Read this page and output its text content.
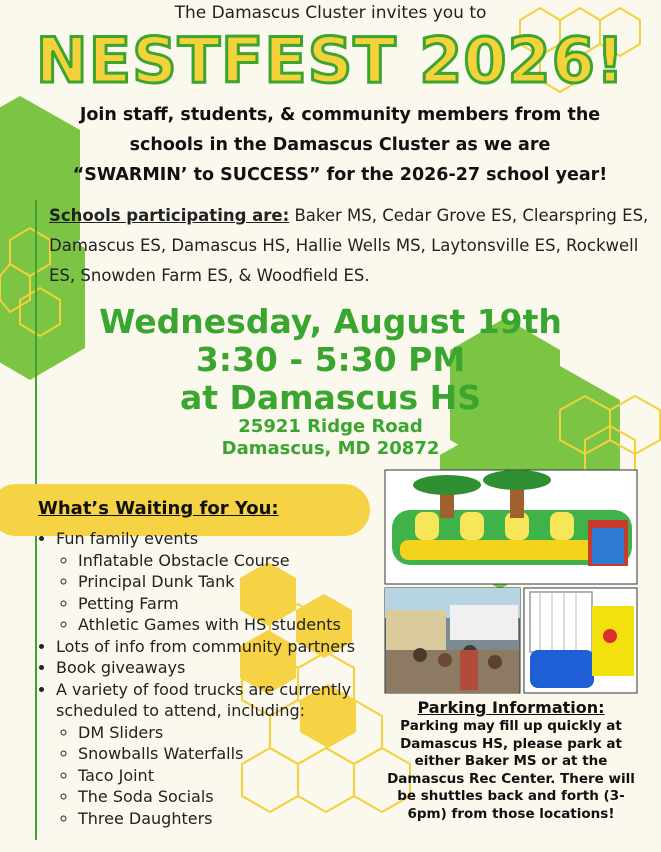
The Damascus Cluster invites you to
NESTFEST 2026!
Join staff, students, & community members from the
schools in the Damascus Cluster as we are
“SWARMIN’ to SUCCESS” for the 2026-27 school year!
Schools participating are: Baker MS, Cedar Grove ES, Clearspring ES, Damascus ES, Damascus HS, Hallie Wells MS, Laytonsville ES, Rockwell ES, Snowden Farm ES, & Woodfield ES.
Wednesday, August 19th
3:30 - 5:30 PM
at Damascus HS
25921 Ridge Road
Damascus, MD 20872
What’s Waiting for You:
• Fun family events
◦ Inflatable Obstacle Course
◦ Principal Dunk Tank
◦ Petting Farm
◦ Athletic Games with HS students
• Lots of info from community partners
• Book giveaways
• A variety of food trucks are currently scheduled to attend, including:
◦ DM Sliders
◦ Snowballs Waterfalls
◦ Taco Joint
◦ The Soda Socials
◦ Three Daughters
Parking Information:
Parking may fill up quickly at Damascus HS, please park at either Baker MS or at the Damascus Rec Center. There will be shuttles back and forth (3-6pm) from those locations!
